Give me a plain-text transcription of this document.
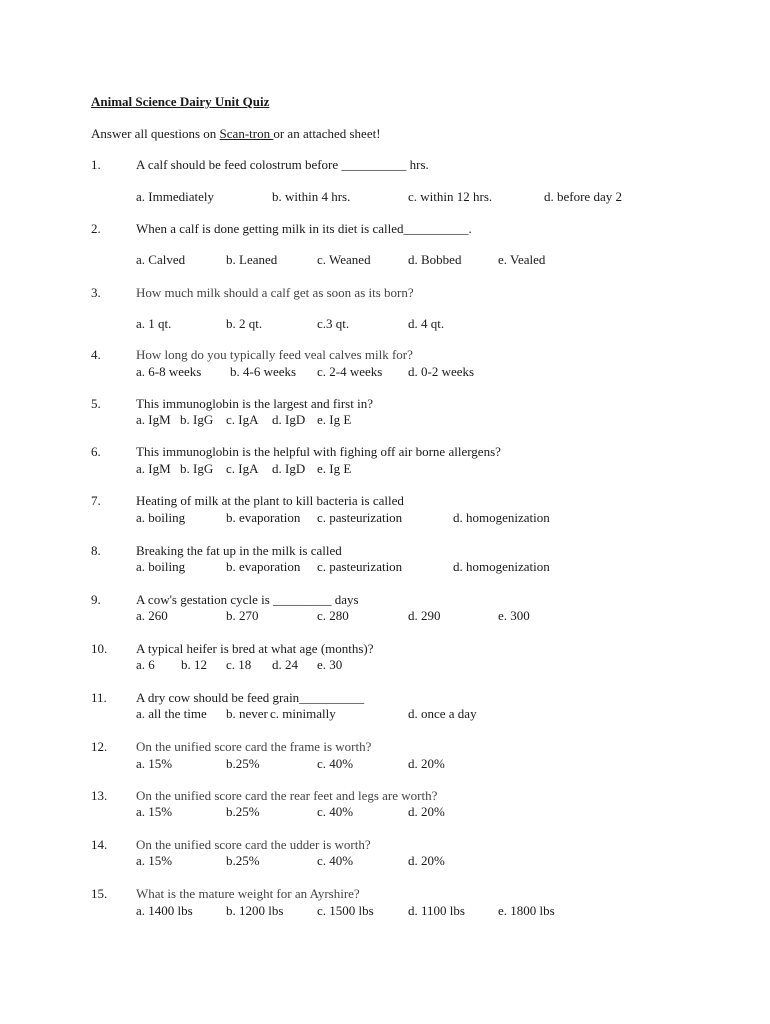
Animal Science Dairy Unit Quiz
Answer all questions on Scan-tron or an attached sheet!
1.	A calf should be feed colostrum before __________ hrs.
a. Immediately	b. within 4 hrs.	c. within 12 hrs.	d. before day 2
2.	When a calf is done getting milk in its diet is called__________.
a. Calved	b. Leaned	c. Weaned	d. Bobbed	e. Vealed
3.	How much milk should a calf get as soon as its born?
a. 1 qt.	b. 2 qt.	c.3 qt.	d. 4 qt.
4.	How long do you typically feed veal calves milk for?
a. 6-8 weeks b. 4-6 weeks c. 2-4 weeks d. 0-2 weeks
5.	This immunoglobin is the largest and first in?
a. IgM b. IgG c. IgA d. IgD e. Ig E
6.	This immunoglobin is the helpful with fighing off air borne allergens?
a. IgM b. IgG c. IgA d. IgD e. Ig E
7.	Heating of milk at the plant to kill bacteria is called
a. boiling	b. evaporation c. pasteurization	d. homogenization
8.	Breaking the fat up in the milk is called
a. boiling	b. evaporation c. pasteurization	d. homogenization
9.	A cow's gestation cycle is _________ days
a. 260	b. 270	c. 280	d. 290	e. 300
10. A typical heifer is bred at what age (months)?
a. 6 b. 12 c. 18 d. 24 e. 30
11. A dry cow should be feed grain__________
a. all the time b. never c. minimally	d. once a day
12. On the unified score card the frame is worth?
a. 15%	b.25%	c. 40%	d. 20%
13. On the unified score card the rear feet and legs are worth?
a. 15%	b.25%	c. 40%	d. 20%
14. On the unified score card the udder is worth?
a. 15%	b.25%	c. 40%	d. 20%
15. What is the mature weight for an Ayrshire?
a. 1400 lbs	b. 1200 lbs	c. 1500 lbs	d. 1100 lbs	e. 1800 lbs
